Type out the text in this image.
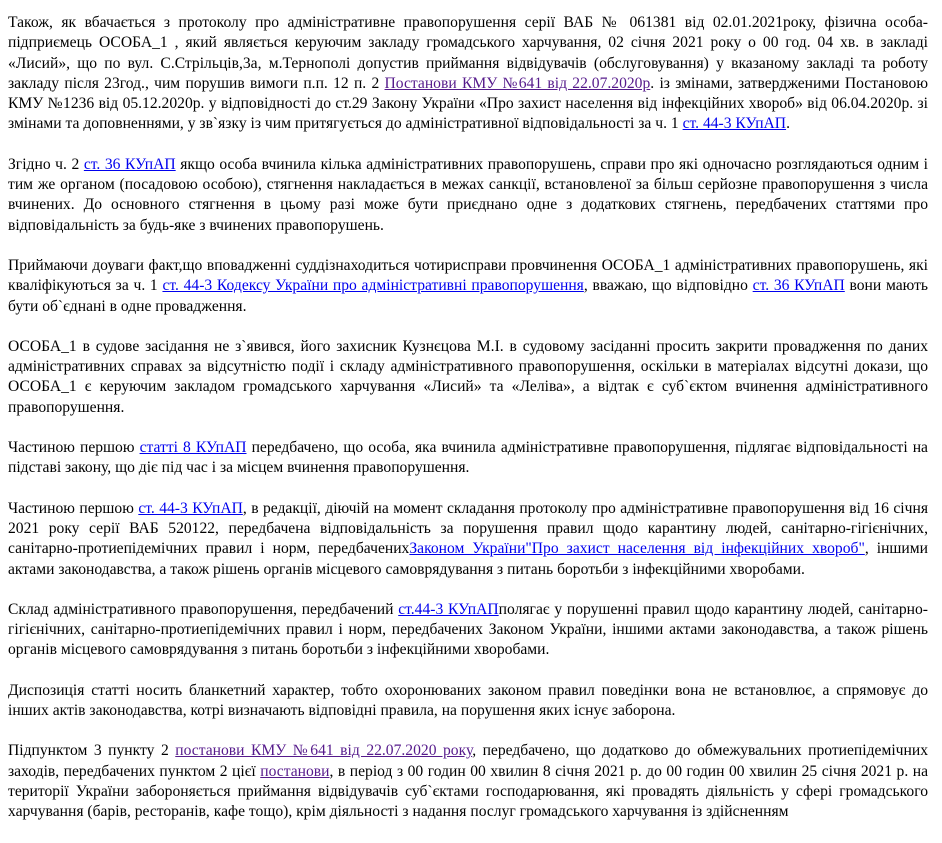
Також, як вбачається з протоколу про адміністративне правопорушення серії ВАБ № 061381 від 02.01.2021року, фізична особа-підприємець ОСОБА_1 , який являється керуючим закладу громадського харчування, 02 січня 2021 року о 00 год. 04 хв. в закладі «Лисий», що по вул. С.Стрільців,3а, м.Тернополі допустив приймання відвідувачів (обслуговування) у вказаному закладі та роботу закладу після 23год., чим порушив вимоги п.п. 12 п. 2 Постанови КМУ №641 від 22.07.2020р. із змінами, затвердженими Постановою КМУ №1236 від 05.12.2020р. у відповідності до ст.29 Закону України «Про захист населення від інфекційних хвороб» від 06.04.2020р. зі змінами та доповненнями, у зв`язку із чим притягується до адміністративної відповідальності за ч. 1 ст. 44-3 КУпАП.

Згідно ч. 2 ст. 36 КУпАП якщо особа вчинила кілька адміністративних правопорушень, справи про які одночасно розглядаються одним і тим же органом (посадовою особою), стягнення накладається в межах санкції, встановленої за більш серйозне правопорушення з числа вчинених. До основного стягнення в цьому разі може бути приєднано одне з додаткових стягнень, передбачених статтями про відповідальність за будь-яке з вчинених правопорушень.

Приймаючи доуваги факт,що вповадженні суддізнаходиться чотирисправи провчинення ОСОБА_1 адміністративних правопорушень, які кваліфікуються за ч. 1 ст. 44-3 Кодексу України про адміністративні правопорушення, вважаю, що відповідно ст. 36 КУпАП вони мають бути об`єднані в одне провадження.

ОСОБА_1 в судове засідання не з`явився, його захисник Кузнєцова М.І. в судовому засіданні просить закрити провадження по даних адміністративних справах за відсутністю події і складу адміністративного правопорушення, оскільки в матеріалах відсутні докази, що ОСОБА_1 є керуючим закладом громадського харчування «Лисий» та «Леліва», а відтак є суб`єктом вчинення адміністративного правопорушення.

Частиною першою статті 8 КУпАП передбачено, що особа, яка вчинила адміністративне правопорушення, підлягає відповідальності на підставі закону, що діє під час і за місцем вчинення правопорушення.

Частиною першою ст. 44-3 КУпАП, в редакції, діючій на момент складання протоколу про адміністративне правопорушення від 16 січня 2021 року серії ВАБ 520122, передбачена відповідальність за порушення правил щодо карантину людей, санітарно-гігієнічних, санітарно-протиепідемічних правил і норм, передбаченихЗаконом України"Про захист населення від інфекційних хвороб", іншими актами законодавства, а також рішень органів місцевого самоврядування з питань боротьби з інфекційними хворобами.

Склад адміністративного правопорушення, передбачений ст.44-3 КУпАПполягає у порушенні правил щодо карантину людей, санітарно-гігієнічних, санітарно-протиепідемічних правил і норм, передбачених Законом України, іншими актами законодавства, а також рішень органів місцевого самоврядування з питань боротьби з інфекційними хворобами.

Диспозиція статті носить бланкетний характер, тобто охоронюваних законом правил поведінки вона не встановлює, а спрямовує до інших актів законодавства, котрі визначають відповідні правила, на порушення яких існує заборона.

Підпунктом 3 пункту 2 постанови КМУ №641 від 22.07.2020 року, передбачено, що додатково до обмежувальних протиепідемічних заходів, передбачених пунктом 2 цієї постанови, в період з 00 годин 00 хвилин 8 січня 2021 р. до 00 годин 00 хвилин 25 січня 2021 р. на території України забороняється приймання відвідувачів суб`єктами господарювання, які провадять діяльність у сфері громадського харчування (барів, ресторанів, кафе тощо), крім діяльності з надання послуг громадського харчування із здійсненням
